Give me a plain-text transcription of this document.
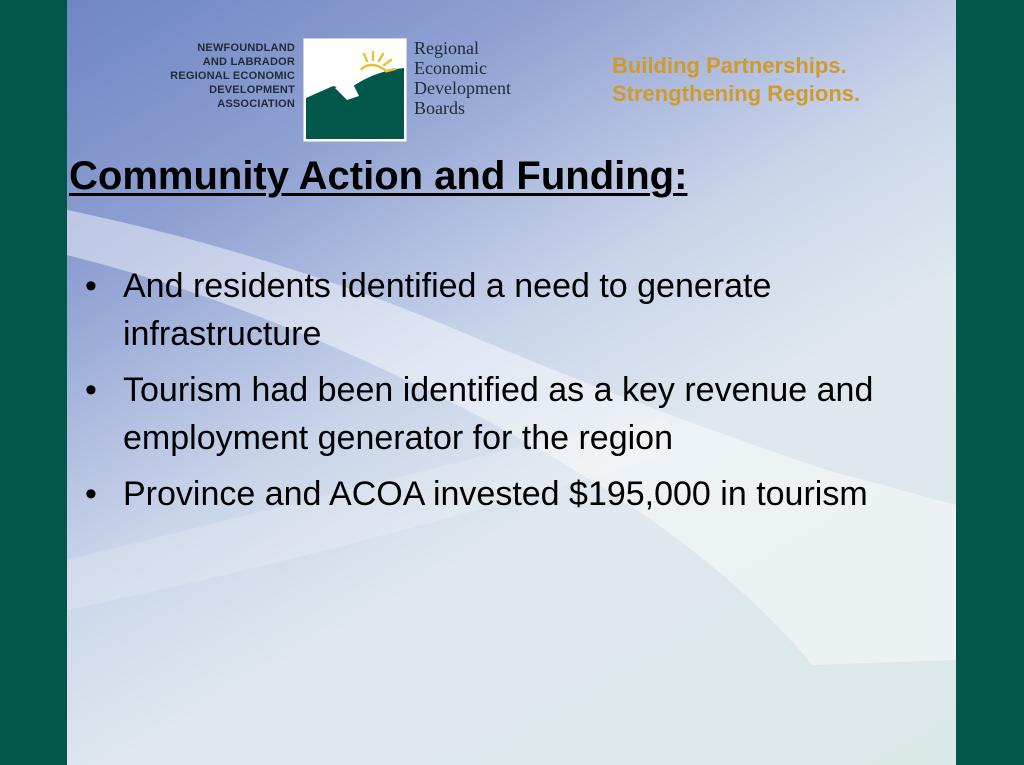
NEWFOUNDLAND
AND LABRADOR
REGIONAL ECONOMIC
DEVELOPMENT
ASSOCIATION
Regional
Economic
Development
Boards
Building Partnerships.
Strengthening Regions.
Community Action and Funding:
• And residents identified a need to generate infrastructure
• Tourism had been identified as a key revenue and employment generator for the region
• Province and ACOA invested $195,000 in tourism
